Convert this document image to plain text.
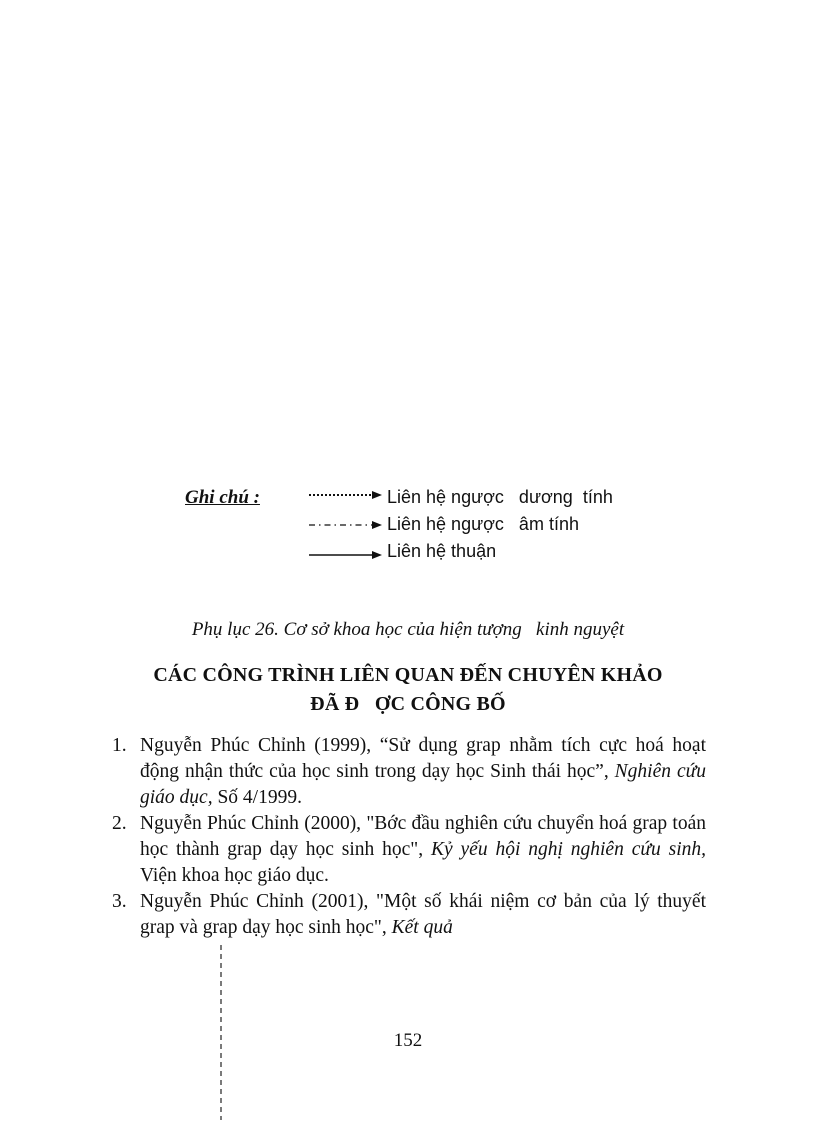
Ghi chú :	Liên hệ ngược   dương  tính
Liên hệ ngược   âm tính
Liên hệ thuận
Phụ lục 26. Cơ sở khoa học của hiện tượng   kinh nguyệt
CÁC CÔNG TRÌNH LIÊN QUAN ĐẾN CHUYÊN KHẢO
ĐÃ Đ   ỢC CÔNG BỐ
1. Nguyễn Phúc Chỉnh (1999), “Sử dụng grap nhằm tích cực hoá hoạt động nhận thức của học sinh trong dạy học Sinh thái học”, Nghiên cứu giáo dục, Số 4/1999.
2. Nguyễn Phúc Chỉnh (2000), "Bớc đầu nghiên cứu chuyển hoá grap toán học thành grap dạy học sinh học", Kỷ yếu hội nghị nghiên cứu sinh, Viện khoa học giáo dục.
3. Nguyễn Phúc Chỉnh (2001), "Một số khái niệm cơ bản của lý thuyết grap và grap dạy học sinh học", Kết quả
152
